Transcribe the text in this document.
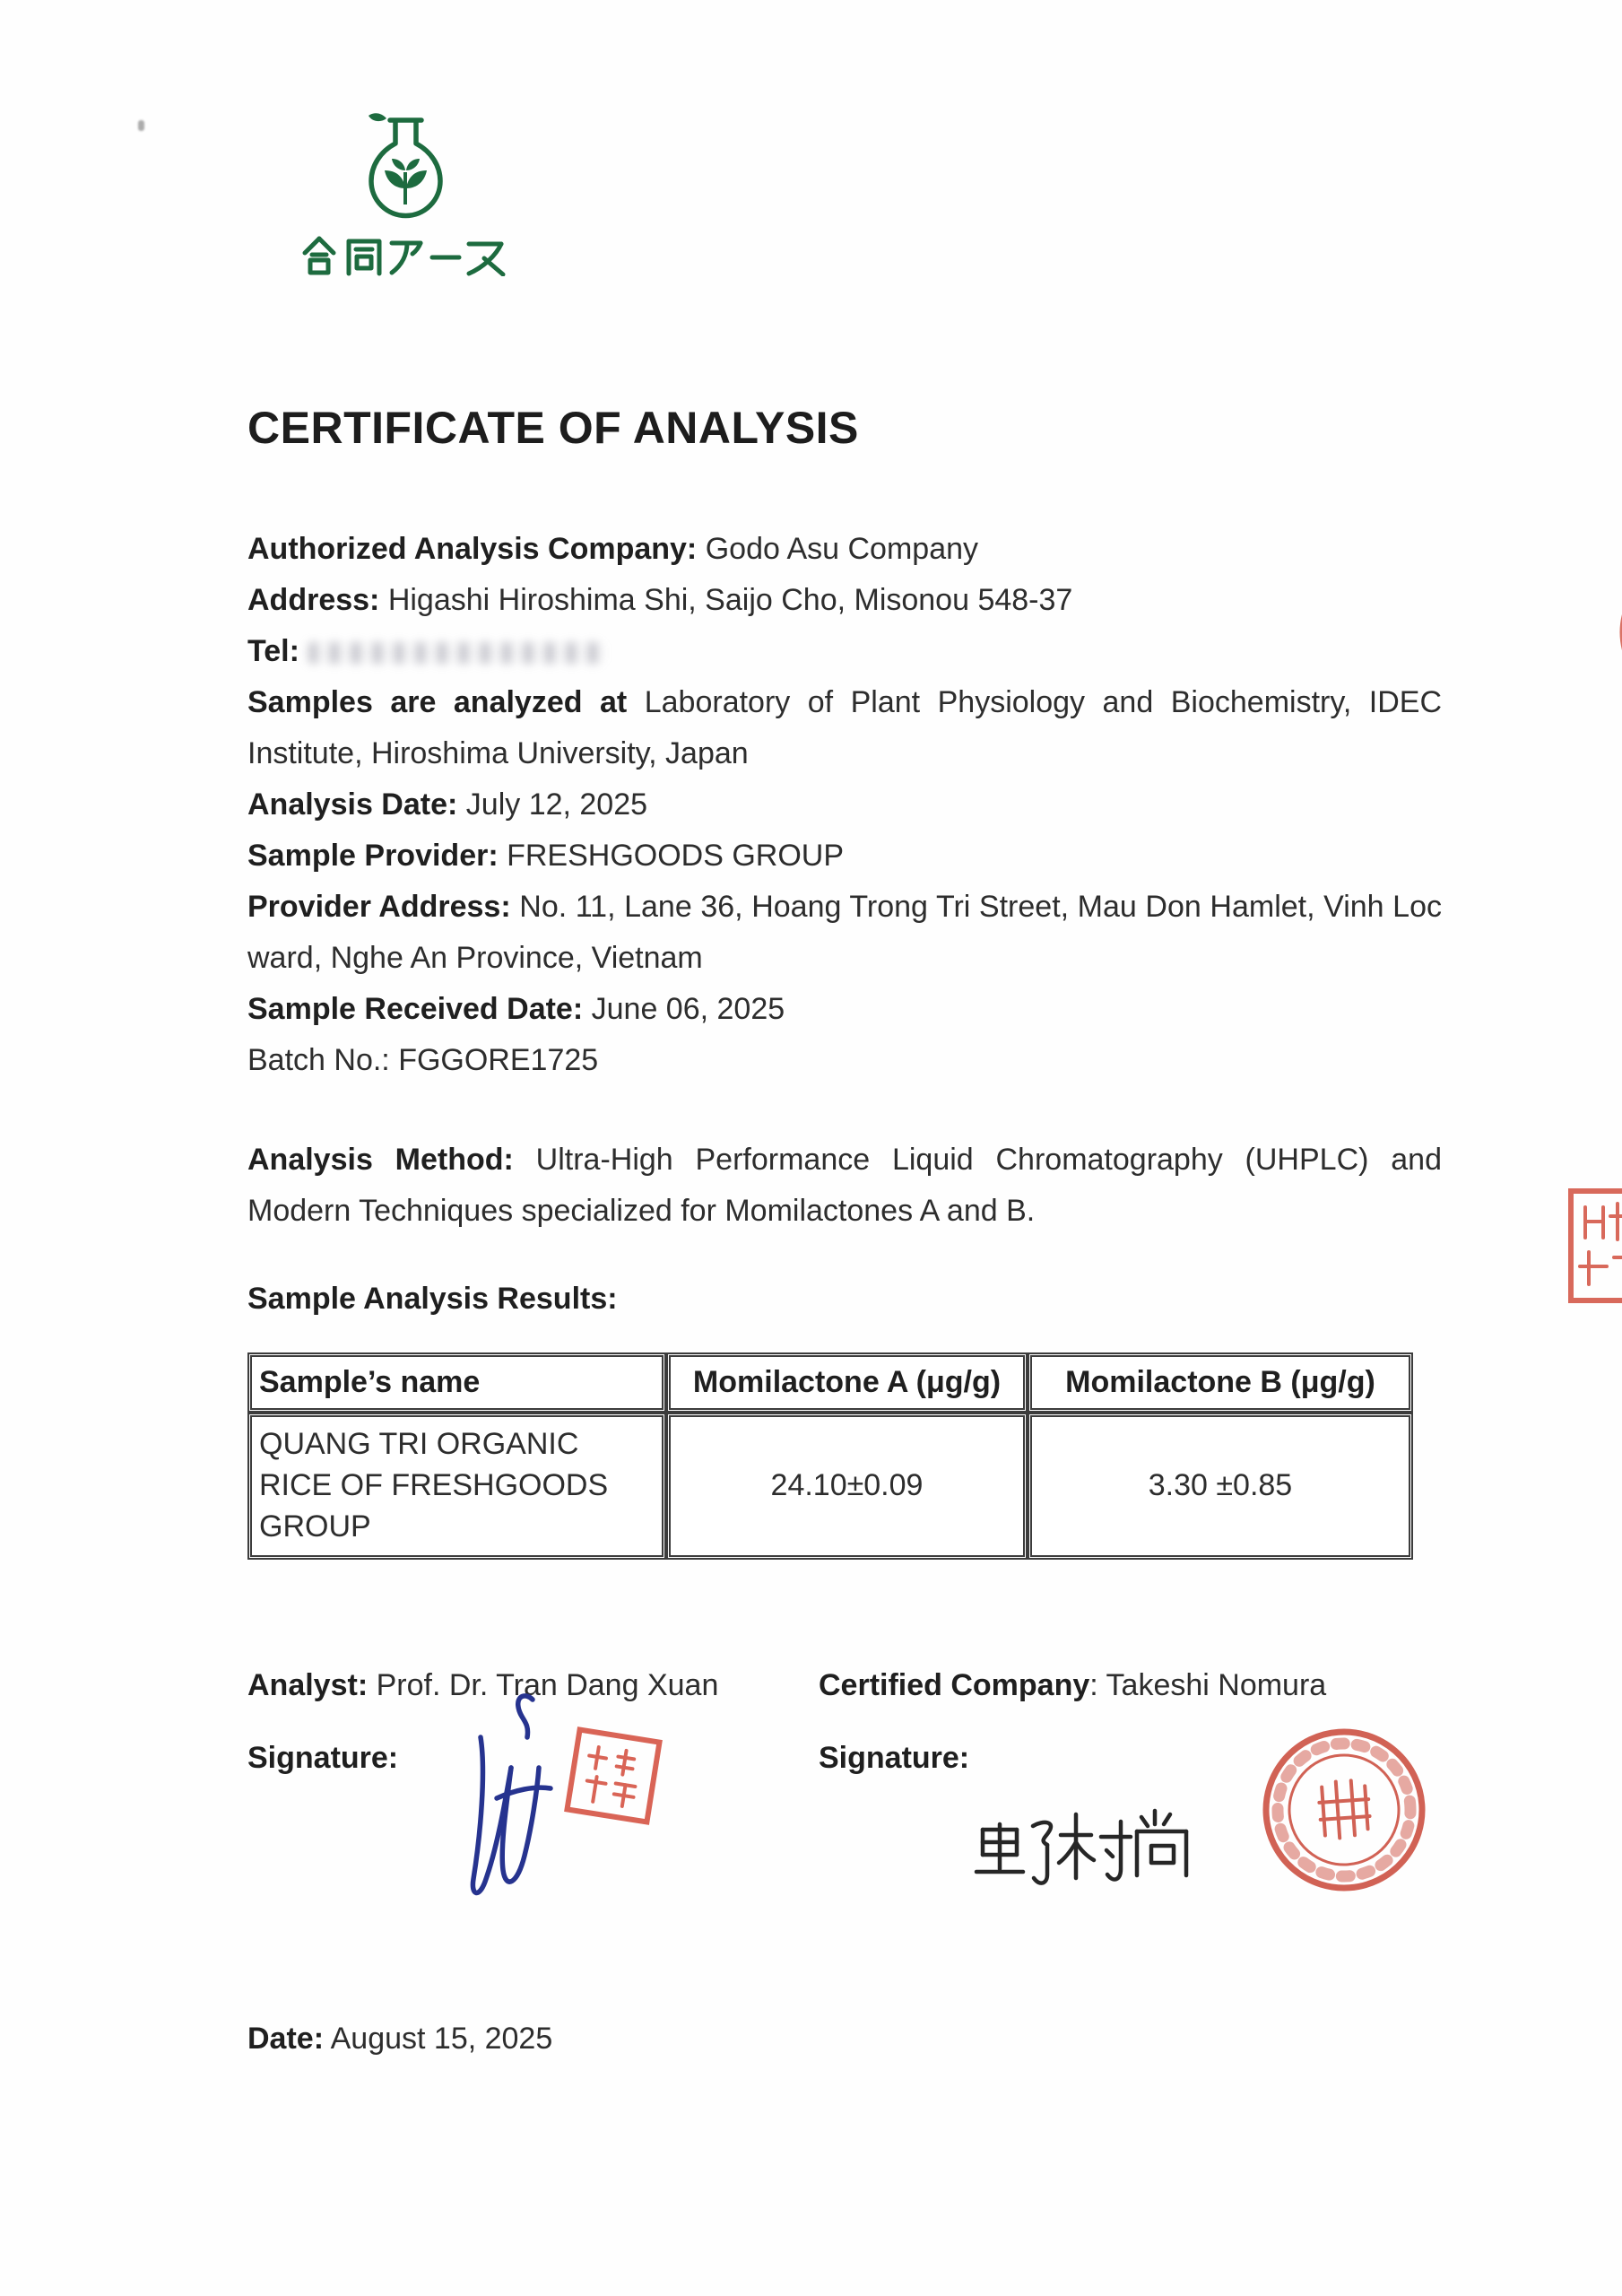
CERTIFICATE OF ANALYSIS

Authorized Analysis Company: Godo Asu Company

Address: Higashi Hiroshima Shi, Saijo Cho, Misonou 548-37

Tel:

Samples are analyzed at Laboratory of Plant Physiology and Biochemistry, IDEC Institute, Hiroshima University, Japan

Analysis Date: July 12, 2025

Sample Provider: FRESHGOODS GROUP

Provider Address: No. 11, Lane 36, Hoang Trong Tri Street, Mau Don Hamlet, Vinh Loc ward, Nghe An Province, Vietnam

Sample Received Date: June 06, 2025

Batch No.: FGGORE1725

Analysis Method: Ultra-High Performance Liquid Chromatography (UHPLC) and Modern Techniques specialized for Momilactones A and B.

Sample Analysis Results:

Sample’s name	Momilactone A (μg/g)	Momilactone B (μg/g)
QUANG TRI ORGANIC RICE OF FRESHGOODS GROUP	24.10±0.09	3.30 ±0.85

Analyst: Prof. Dr. Tran Dang Xuan

Signature:

Certified Company: Takeshi Nomura

Signature:

Date: August 15, 2025
